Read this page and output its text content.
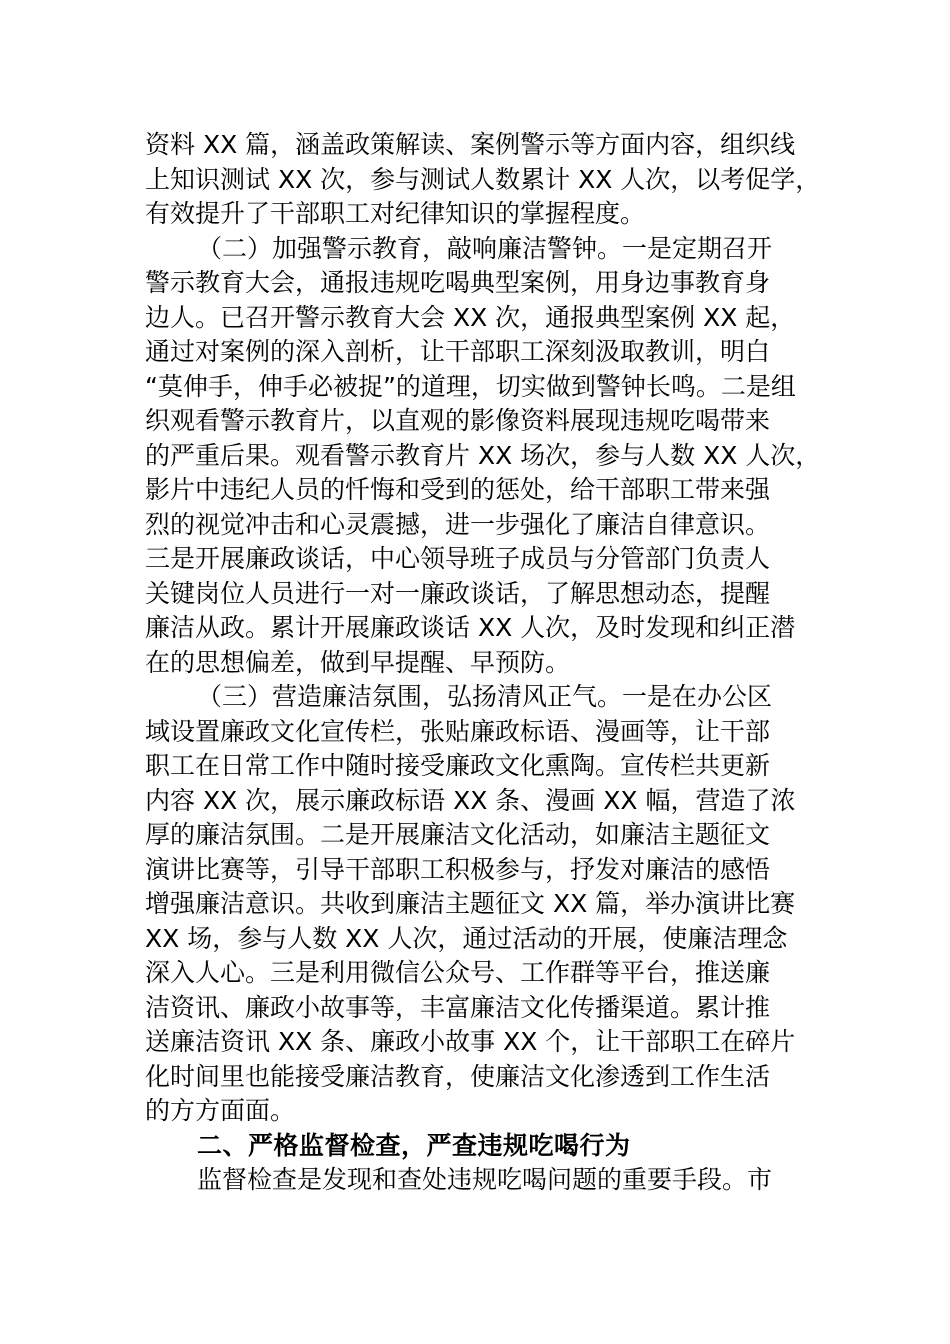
资料 XX 篇，涵盖政策解读、案例警示等方面内容，组织线
上知识测试 XX 次，参与测试人数累计 XX 人次，以考促学，
有效提升了干部职工对纪律知识的掌握程度。
（二）加强警示教育，敲响廉洁警钟。一是定期召开
警示教育大会，通报违规吃喝典型案例，用身边事教育身
边人。已召开警示教育大会 XX 次，通报典型案例 XX 起，
通过对案例的深入剖析，让干部职工深刻汲取教训，明白
“莫伸手，伸手必被捉”的道理，切实做到警钟长鸣。二是组
织观看警示教育片，以直观的影像资料展现违规吃喝带来
的严重后果。观看警示教育片 XX 场次，参与人数 XX 人次，
影片中违纪人员的忏悔和受到的惩处，给干部职工带来强
烈的视觉冲击和心灵震撼，进一步强化了廉洁自律意识。
三是开展廉政谈话，中心领导班子成员与分管部门负责人
关键岗位人员进行一对一廉政谈话，了解思想动态，提醒
廉洁从政。累计开展廉政谈话 XX 人次，及时发现和纠正潜
在的思想偏差，做到早提醒、早预防。
（三）营造廉洁氛围，弘扬清风正气。一是在办公区
域设置廉政文化宣传栏，张贴廉政标语、漫画等，让干部
职工在日常工作中随时接受廉政文化熏陶。宣传栏共更新
内容 XX 次，展示廉政标语 XX 条、漫画 XX 幅，营造了浓
厚的廉洁氛围。二是开展廉洁文化活动，如廉洁主题征文
演讲比赛等，引导干部职工积极参与，抒发对廉洁的感悟
增强廉洁意识。共收到廉洁主题征文 XX 篇，举办演讲比赛
XX 场，参与人数 XX 人次，通过活动的开展，使廉洁理念
深入人心。三是利用微信公众号、工作群等平台，推送廉
洁资讯、廉政小故事等，丰富廉洁文化传播渠道。累计推
送廉洁资讯 XX 条、廉政小故事 XX 个，让干部职工在碎片
化时间里也能接受廉洁教育，使廉洁文化渗透到工作生活
的方方面面。
二、严格监督检查，严查违规吃喝行为
监督检查是发现和查处违规吃喝问题的重要手段。市
